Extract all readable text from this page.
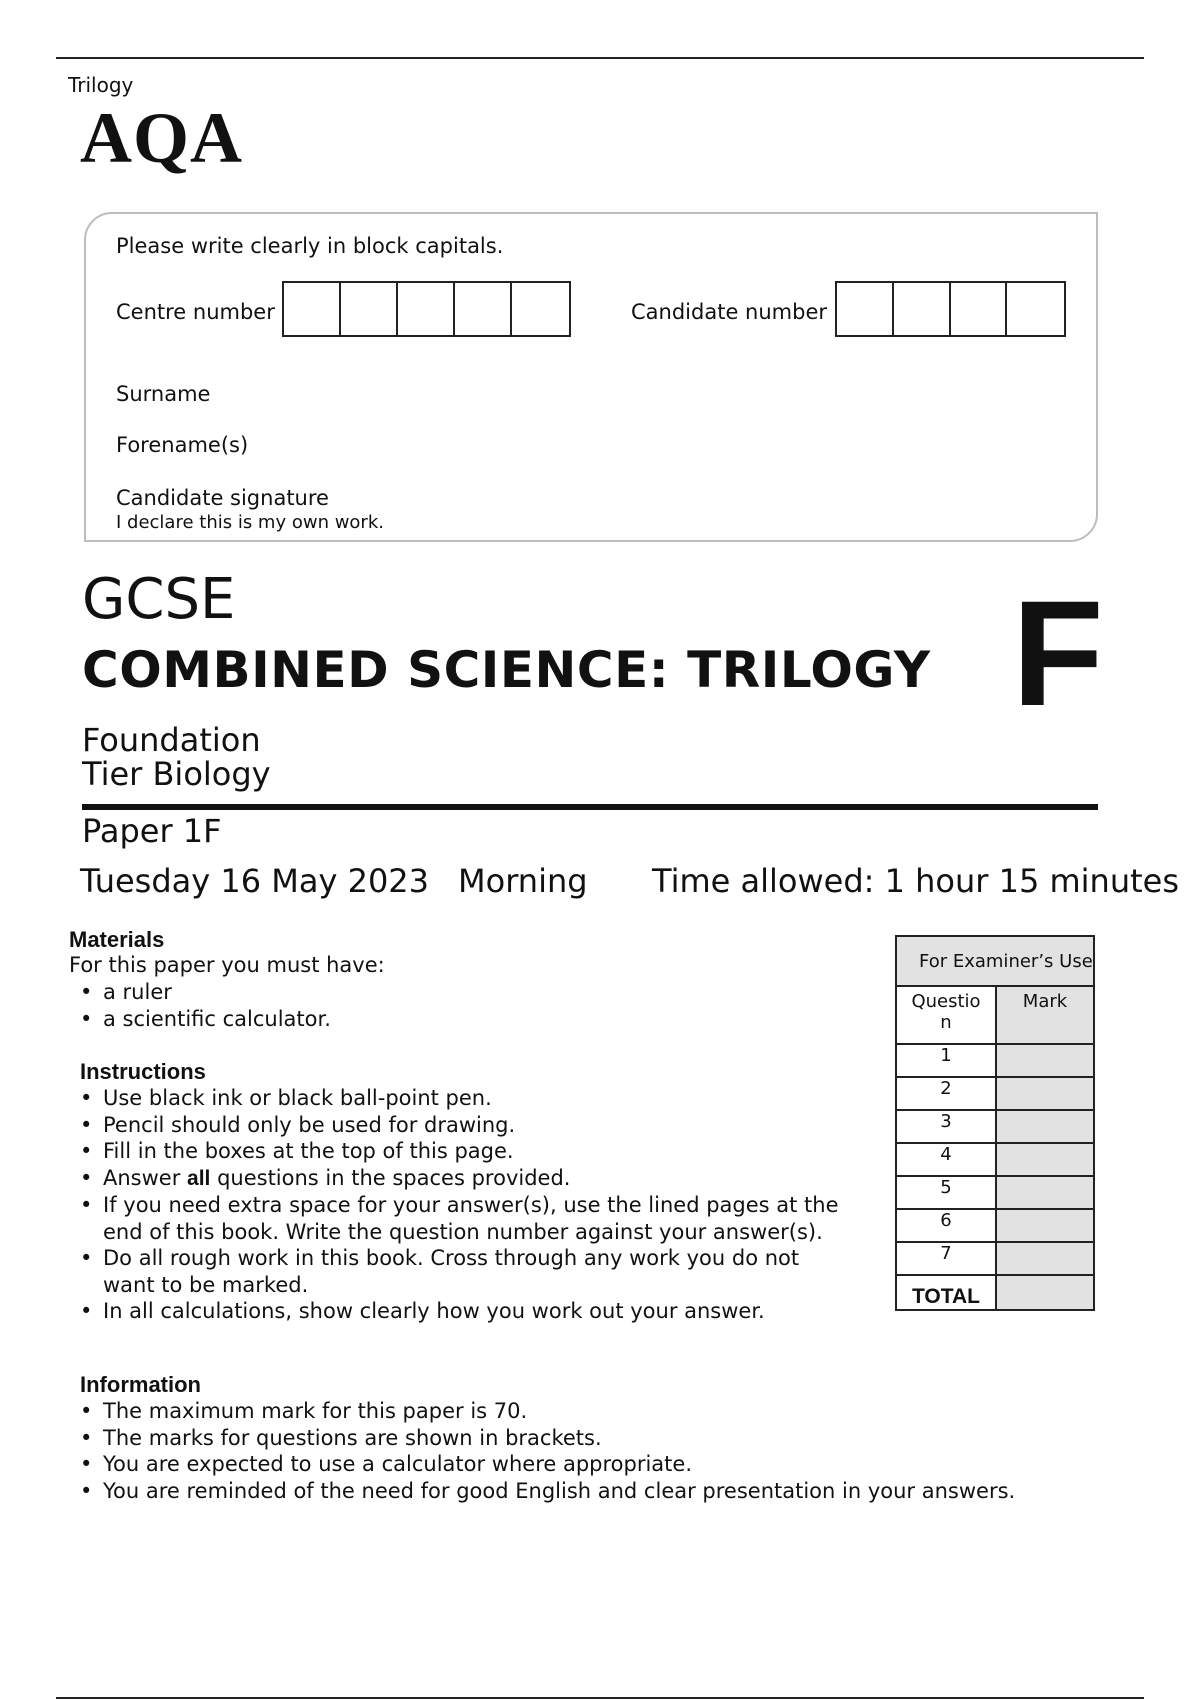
Trilogy
AQA
Please write clearly in block capitals.
Centre number	Candidate number
Surname
Forename(s)
Candidate signature
I declare this is my own work.
GCSE
COMBINED SCIENCE: TRILOGY F
Foundation
Tier Biology
Paper 1F
Tuesday 16 May 2023 Morning Time allowed: 1 hour 15 minutes
Materials
For this paper you must have:
• a ruler
• a scientific calculator.
Instructions
• Use black ink or black ball-point pen.
• Pencil should only be used for drawing.
• Fill in the boxes at the top of this page.
• Answer all questions in the spaces provided.
• If you need extra space for your answer(s), use the lined pages at the end of this book. Write the question number against your answer(s).
• Do all rough work in this book. Cross through any work you do not want to be marked.
• In all calculations, show clearly how you work out your answer.
Information
• The maximum mark for this paper is 70.
• The marks for questions are shown in brackets.
• You are expected to use a calculator where appropriate.
• You are reminded of the need for good English and clear presentation in your answers.
For Examiner’s Use	
Questio n	Mark
1	
2	
3	
4	
5	
6	
7	
TOTAL	
